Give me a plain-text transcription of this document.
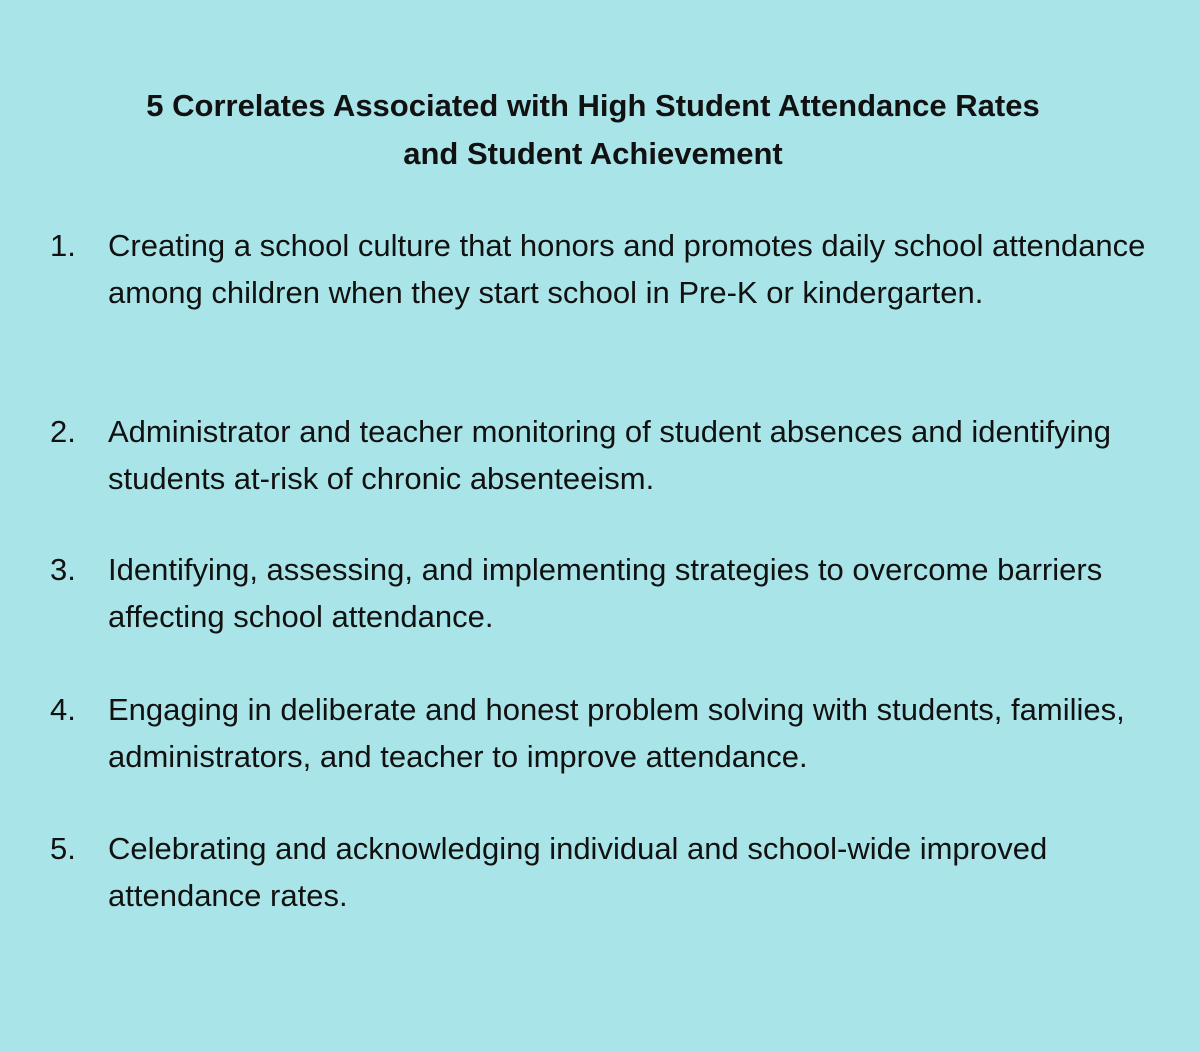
5 Correlates Associated with High Student Attendance Rates
and Student Achievement
1.	Creating a school culture that honors and promotes daily school attendance among children when they start school in Pre-K or kindergarten.
2.	Administrator and teacher monitoring of student absences and identifying students at-risk of chronic absenteeism.
3.	Identifying, assessing, and implementing strategies to overcome barriers affecting school attendance.
4.	Engaging in deliberate and honest problem solving with students, families, administrators, and teacher to improve attendance.
5.	Celebrating and acknowledging individual and school-wide improved attendance rates.
